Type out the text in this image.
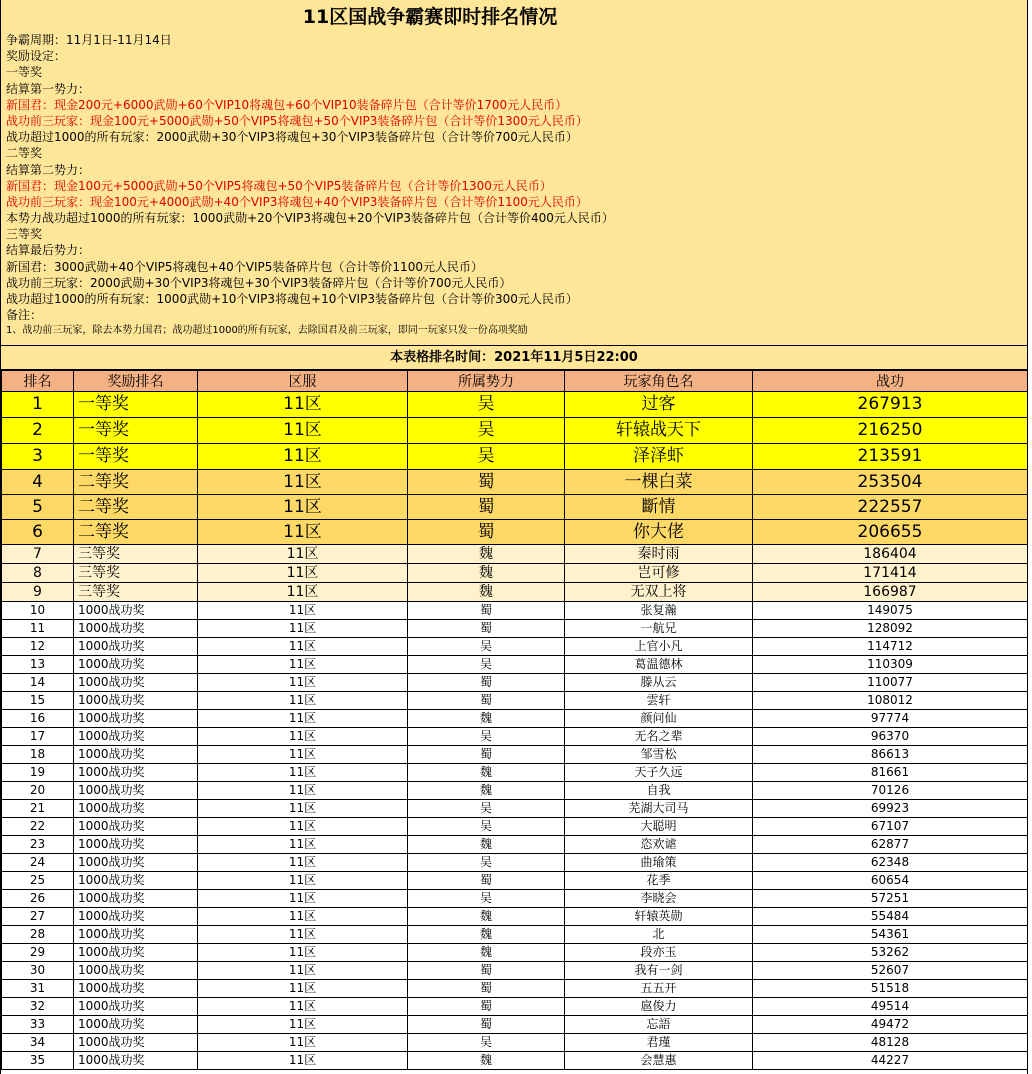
11区国战争霸赛即时排名情况
争霸周期：11月1日-11月14日
奖励设定：
一等奖
结算第一势力：
新国君：现金200元+6000武勋+60个VIP10将魂包+60个VIP10装备碎片包（合计等价1700元人民币）
战功前三玩家：现金100元+5000武勋+50个VIP5将魂包+50个VIP3装备碎片包（合计等价1300元人民币）
战功超过1000的所有玩家：2000武勋+30个VIP3将魂包+30个VIP3装备碎片包（合计等价700元人民币）
二等奖
结算第二势力：
新国君：现金100元+5000武勋+50个VIP5将魂包+50个VIP5装备碎片包（合计等价1300元人民币）
战功前三玩家：现金100元+4000武勋+40个VIP3将魂包+40个VIP3装备碎片包（合计等价1100元人民币）
本势力战功超过1000的所有玩家：1000武勋+20个VIP3将魂包+20个VIP3装备碎片包（合计等价400元人民币）
三等奖
结算最后势力：
新国君：3000武勋+40个VIP5将魂包+40个VIP5装备碎片包（合计等价1100元人民币）
战功前三玩家：2000武勋+30个VIP3将魂包+30个VIP3装备碎片包（合计等价700元人民币）
战功超过1000的所有玩家：1000武勋+10个VIP3将魂包+10个VIP3装备碎片包（合计等价300元人民币）
备注：
1、战功前三玩家，除去本势力国君；战功超过1000的所有玩家，去除国君及前三玩家，即同一玩家只发一份高项奖励
本表格排名时间：2021年11月5日22:00
排名	奖励排名	区服	所属势力	玩家角色名	战功
1	一等奖	11区	吴	过客	267913
2	一等奖	11区	吴	轩辕战天下	216250
3	一等奖	11区	吴	泽泽虾	213591
4	二等奖	11区	蜀	一棵白菜	253504
5	二等奖	11区	蜀	斷情	222557
6	二等奖	11区	蜀	你大佬	206655
7	三等奖	11区	魏	秦时雨	186404
8	三等奖	11区	魏	岂可修	171414
9	三等奖	11区	魏	无双上将	166987
10	1000战功奖	11区	蜀	张复瀚	149075
11	1000战功奖	11区	蜀	一航兄	128092
12	1000战功奖	11区	吴	上官小凡	114712
13	1000战功奖	11区	吴	葛温德林	110309
14	1000战功奖	11区	蜀	滕从云	110077
15	1000战功奖	11区	蜀	雲轩	108012
16	1000战功奖	11区	魏	颜问仙	97774
17	1000战功奖	11区	吴	无名之辈	96370
18	1000战功奖	11区	蜀	邹雪松	86613
19	1000战功奖	11区	魏	天子久远	81661
20	1000战功奖	11区	魏	自我	70126
21	1000战功奖	11区	吴	芜湖大司马	69923
22	1000战功奖	11区	吴	大聪明	67107
23	1000战功奖	11区	魏	恣欢谑	62877
24	1000战功奖	11区	吴	曲瑜策	62348
25	1000战功奖	11区	蜀	花季	60654
26	1000战功奖	11区	吴	李晓会	57251
27	1000战功奖	11区	魏	轩辕英勋	55484
28	1000战功奖	11区	魏	北	54361
29	1000战功奖	11区	魏	段亦玉	53262
30	1000战功奖	11区	蜀	我有一剑	52607
31	1000战功奖	11区	蜀	五五开	51518
32	1000战功奖	11区	蜀	扈俊力	49514
33	1000战功奖	11区	蜀	忘語	49472
34	1000战功奖	11区	吴	君瑾	48128
35	1000战功奖	11区	魏	会慧惠	44227
